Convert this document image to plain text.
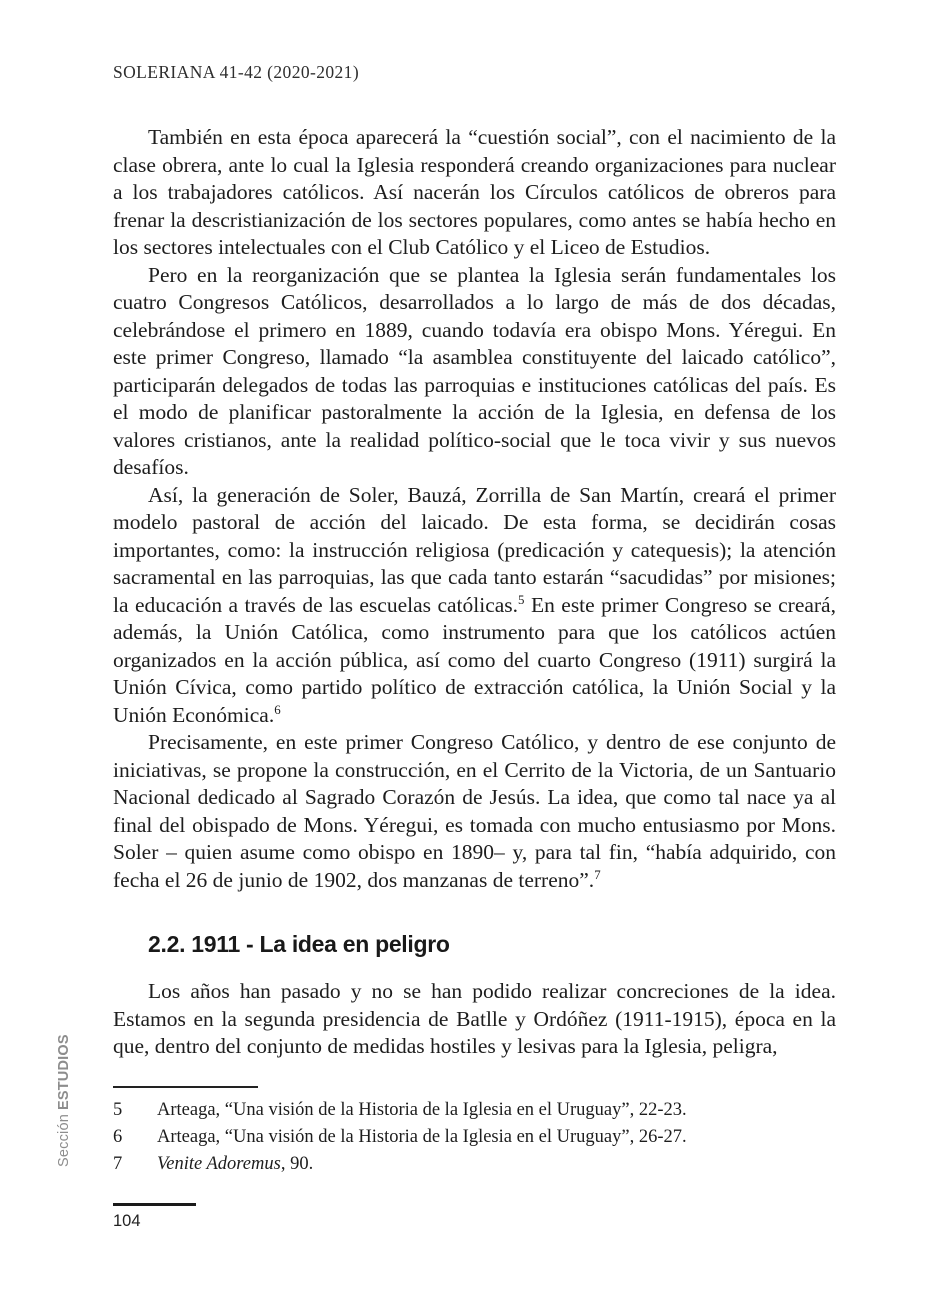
SOLERIANA 41-42 (2020-2021)

También en esta época aparecerá la “cuestión social”, con el nacimiento de la clase obrera, ante lo cual la Iglesia responderá creando organizaciones para nuclear a los trabajadores católicos. Así nacerán los Círculos católicos de obreros para frenar la descristianización de los sectores populares, como antes se había hecho en los sectores intelectuales con el Club Católico y el Liceo de Estudios.

Pero en la reorganización que se plantea la Iglesia serán fundamentales los cuatro Congresos Católicos, desarrollados a lo largo de más de dos décadas, celebrándose el primero en 1889, cuando todavía era obispo Mons. Yéregui. En este primer Congreso, llamado “la asamblea constituyente del laicado católico”, participarán delegados de todas las parroquias e instituciones católicas del país. Es el modo de planificar pastoralmente la acción de la Iglesia, en defensa de los valores cristianos, ante la realidad político-social que le toca vivir y sus nuevos desafíos.

Así, la generación de Soler, Bauzá, Zorrilla de San Martín, creará el primer modelo pastoral de acción del laicado. De esta forma, se decidirán cosas importantes, como: la instrucción religiosa (predicación y catequesis); la atención sacramental en las parroquias, las que cada tanto estarán “sacudidas” por misiones; la educación a través de las escuelas católicas.$^5$ En este primer Congreso se creará, además, la Unión Católica, como instrumento para que los católicos actúen organizados en la acción pública, así como del cuarto Congreso (1911) surgirá la Unión Cívica, como partido político de extracción católica, la Unión Social y la Unión Económica.$^6$

Precisamente, en este primer Congreso Católico, y dentro de ese conjunto de iniciativas, se propone la construcción, en el Cerrito de la Victoria, de un Santuario Nacional dedicado al Sagrado Corazón de Jesús. La idea, que como tal nace ya al final del obispado de Mons. Yéregui, es tomada con mucho entusiasmo por Mons. Soler – quien asume como obispo en 1890– y, para tal fin, “había adquirido, con fecha el 26 de junio de 1902, dos manzanas de terreno”.$^7$

2.2. 1911 - La idea en peligro

Los años han pasado y no se han podido realizar concreciones de la idea. Estamos en la segunda presidencia de Batlle y Ordóñez (1911-1915), época en la que, dentro del conjunto de medidas hostiles y lesivas para la Iglesia, peligra,

5	Arteaga, “Una visión de la Historia de la Iglesia en el Uruguay”, 22-23.
6	Arteaga, “Una visión de la Historia de la Iglesia en el Uruguay”, 26-27.
7	Venite Adoremus, 90.
Sección

ESTUDIOS
104
